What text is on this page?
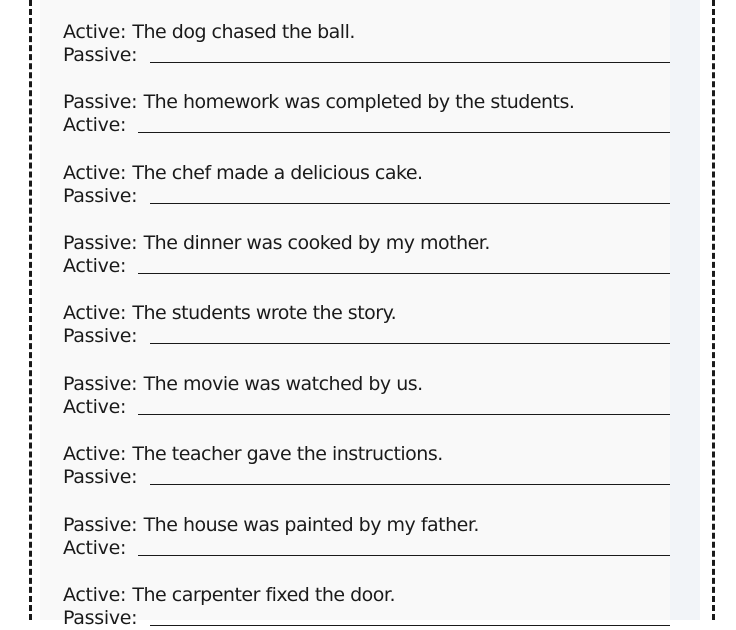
Active : The dog chased the ball.
Passive :
Passive : The homework was completed by the students.
Active :
Active : The chef made a delicious cake.
Passive :
Passive : The dinner was cooked by my mother.
Active :
Active : The students wrote the story.
Passive :
Passive : The movie was watched by us.
Active :
Active : The teacher gave the instructions.
Passive :
Passive : The house was painted by my father.
Active :
Active : The carpenter fixed the door.
Passive :
